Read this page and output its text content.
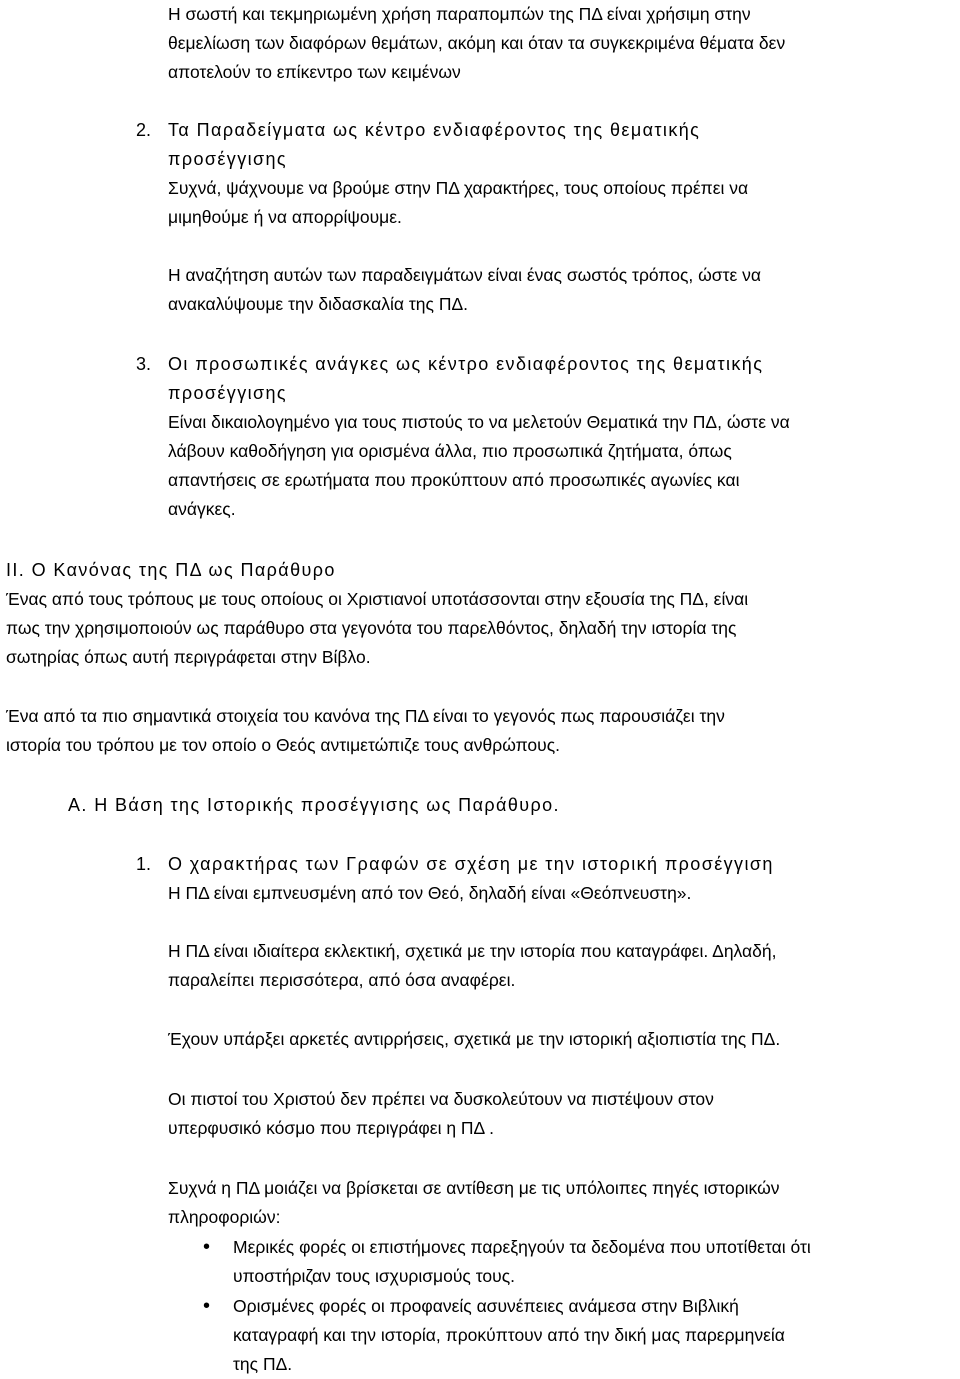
Η σωστή και τεκμηριωμένη χρήση παραπομπών της ΠΔ είναι χρήσιμη στην
θεμελίωση των διαφόρων θεμάτων, ακόμη και όταν τα συγκεκριμένα θέματα δεν
αποτελούν το επίκεντρο των κειμένων
2. Τα Παραδείγματα ως κέντρο ενδιαφέροντος της θεματικής
προσέγγισης
Συχνά, ψάχνουμε να βρούμε στην ΠΔ χαρακτήρες, τους οποίους πρέπει να
μιμηθούμε ή να απορρίψουμε.
Η αναζήτηση αυτών των παραδειγμάτων είναι ένας σωστός τρόπος, ώστε να
ανακαλύψουμε την διδασκαλία της ΠΔ.
3. Οι προσωπικές ανάγκες ως κέντρο ενδιαφέροντος της θεματικής
προσέγγισης
Είναι δικαιολογημένο για τους πιστούς το να μελετούν Θεματικά την ΠΔ, ώστε να
λάβουν καθοδήγηση για ορισμένα άλλα, πιο προσωπικά ζητήματα, όπως
απαντήσεις σε ερωτήματα που προκύπτουν από προσωπικές αγωνίες και
ανάγκες.
ΙΙ. Ο Κανόνας της ΠΔ ως Παράθυρο
Ένας από τους τρόπους με τους οποίους οι Χριστιανοί υποτάσσονται στην εξουσία της ΠΔ, είναι
πως την χρησιμοποιούν ως παράθυρο στα γεγονότα του παρελθόντος, δηλαδή την ιστορία της
σωτηρίας όπως αυτή περιγράφεται στην Βίβλο.
Ένα από τα πιο σημαντικά στοιχεία του κανόνα της ΠΔ είναι το γεγονός πως παρουσιάζει την
ιστορία του τρόπου με τον οποίο ο Θεός αντιμετώπιζε τους ανθρώπους.
Α. Η Βάση της Ιστορικής προσέγγισης ως Παράθυρο.
1. Ο χαρακτήρας των Γραφών σε σχέση με την ιστορική προσέγγιση
Η ΠΔ είναι εμπνευσμένη από τον Θεό, δηλαδή είναι «Θεόπνευστη».
Η ΠΔ είναι ιδιαίτερα εκλεκτική, σχετικά με την ιστορία που καταγράφει. Δηλαδή,
παραλείπει περισσότερα, από όσα αναφέρει.
Έχουν υπάρξει αρκετές αντιρρήσεις, σχετικά με την ιστορική αξιοπιστία της ΠΔ.
Οι πιστοί του Χριστού δεν πρέπει να δυσκολεύτουν να πιστέψουν στον
υπερφυσικό κόσμο που περιγράφει η ΠΔ .
Συχνά η ΠΔ μοιάζει να βρίσκεται σε αντίθεση με τις υπόλοιπες πηγές ιστορικών
πληροφοριών:
• Μερικές φορές οι επιστήμονες παρεξηγούν τα δεδομένα που υποτίθεται ότι
υποστήριζαν τους ισχυρισμούς τους.
• Ορισμένες φορές οι προφανείς ασυνέπειες ανάμεσα στην Βιβλική
καταγραφή και την ιστορία, προκύπτουν από την δική μας παρερμηνεία
της ΠΔ.
